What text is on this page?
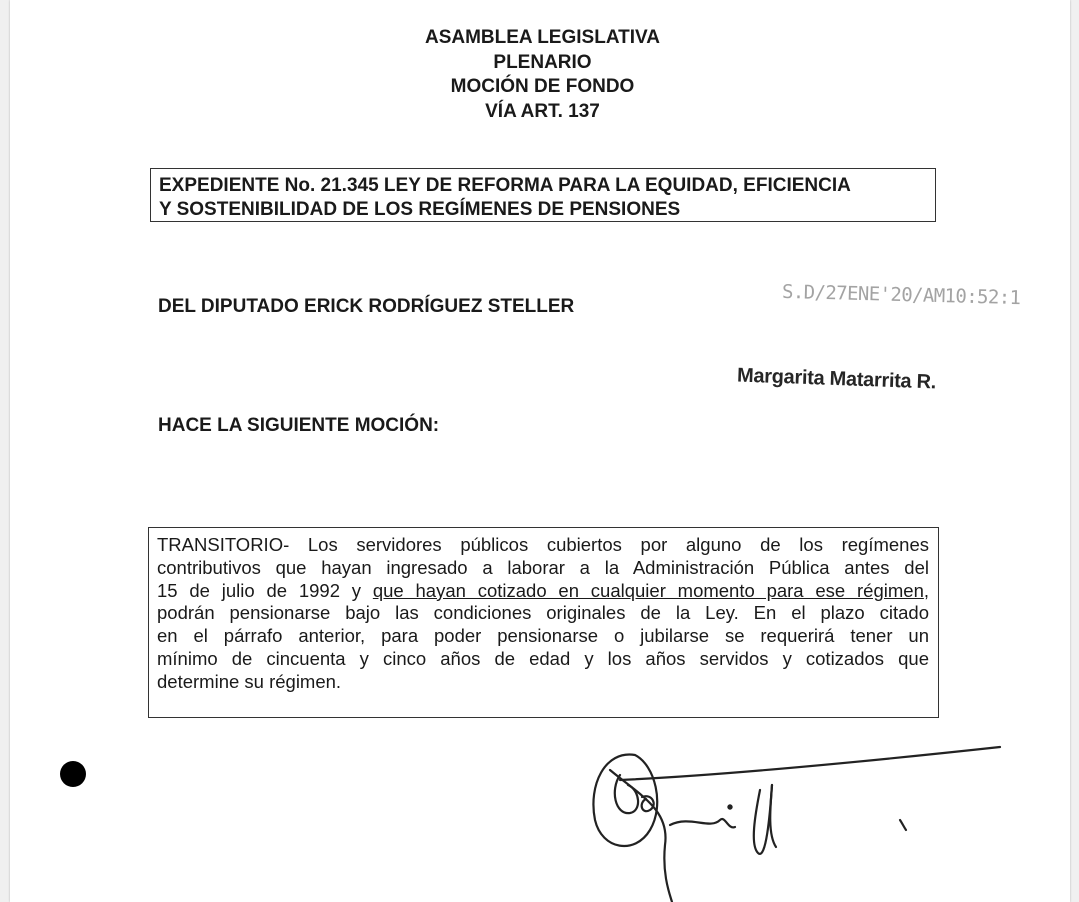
ASAMBLEA LEGISLATIVA
PLENARIO
MOCIÓN DE FONDO
VÍA ART. 137
EXPEDIENTE No. 21.345 LEY DE REFORMA PARA LA EQUIDAD, EFICIENCIA
Y SOSTENIBILIDAD DE LOS REGÍMENES DE PENSIONES
DEL DIPUTADO ERICK RODRÍGUEZ STELLER	S.D/27ENE'20/AM10:52:1
Margarita Matarrita R.
HACE LA SIGUIENTE MOCIÓN:
TRANSITORIO- Los servidores públicos cubiertos por alguno de los regímenes
contributivos que hayan ingresado a laborar a la Administración Pública antes del
15 de julio de 1992 y que hayan cotizado en cualquier momento para ese régimen,
podrán pensionarse bajo las condiciones originales de la Ley. En el plazo citado
en el párrafo anterior, para poder pensionarse o jubilarse se requerirá tener un
mínimo de cincuenta y cinco años de edad y los años servidos y cotizados que
determine su régimen.
